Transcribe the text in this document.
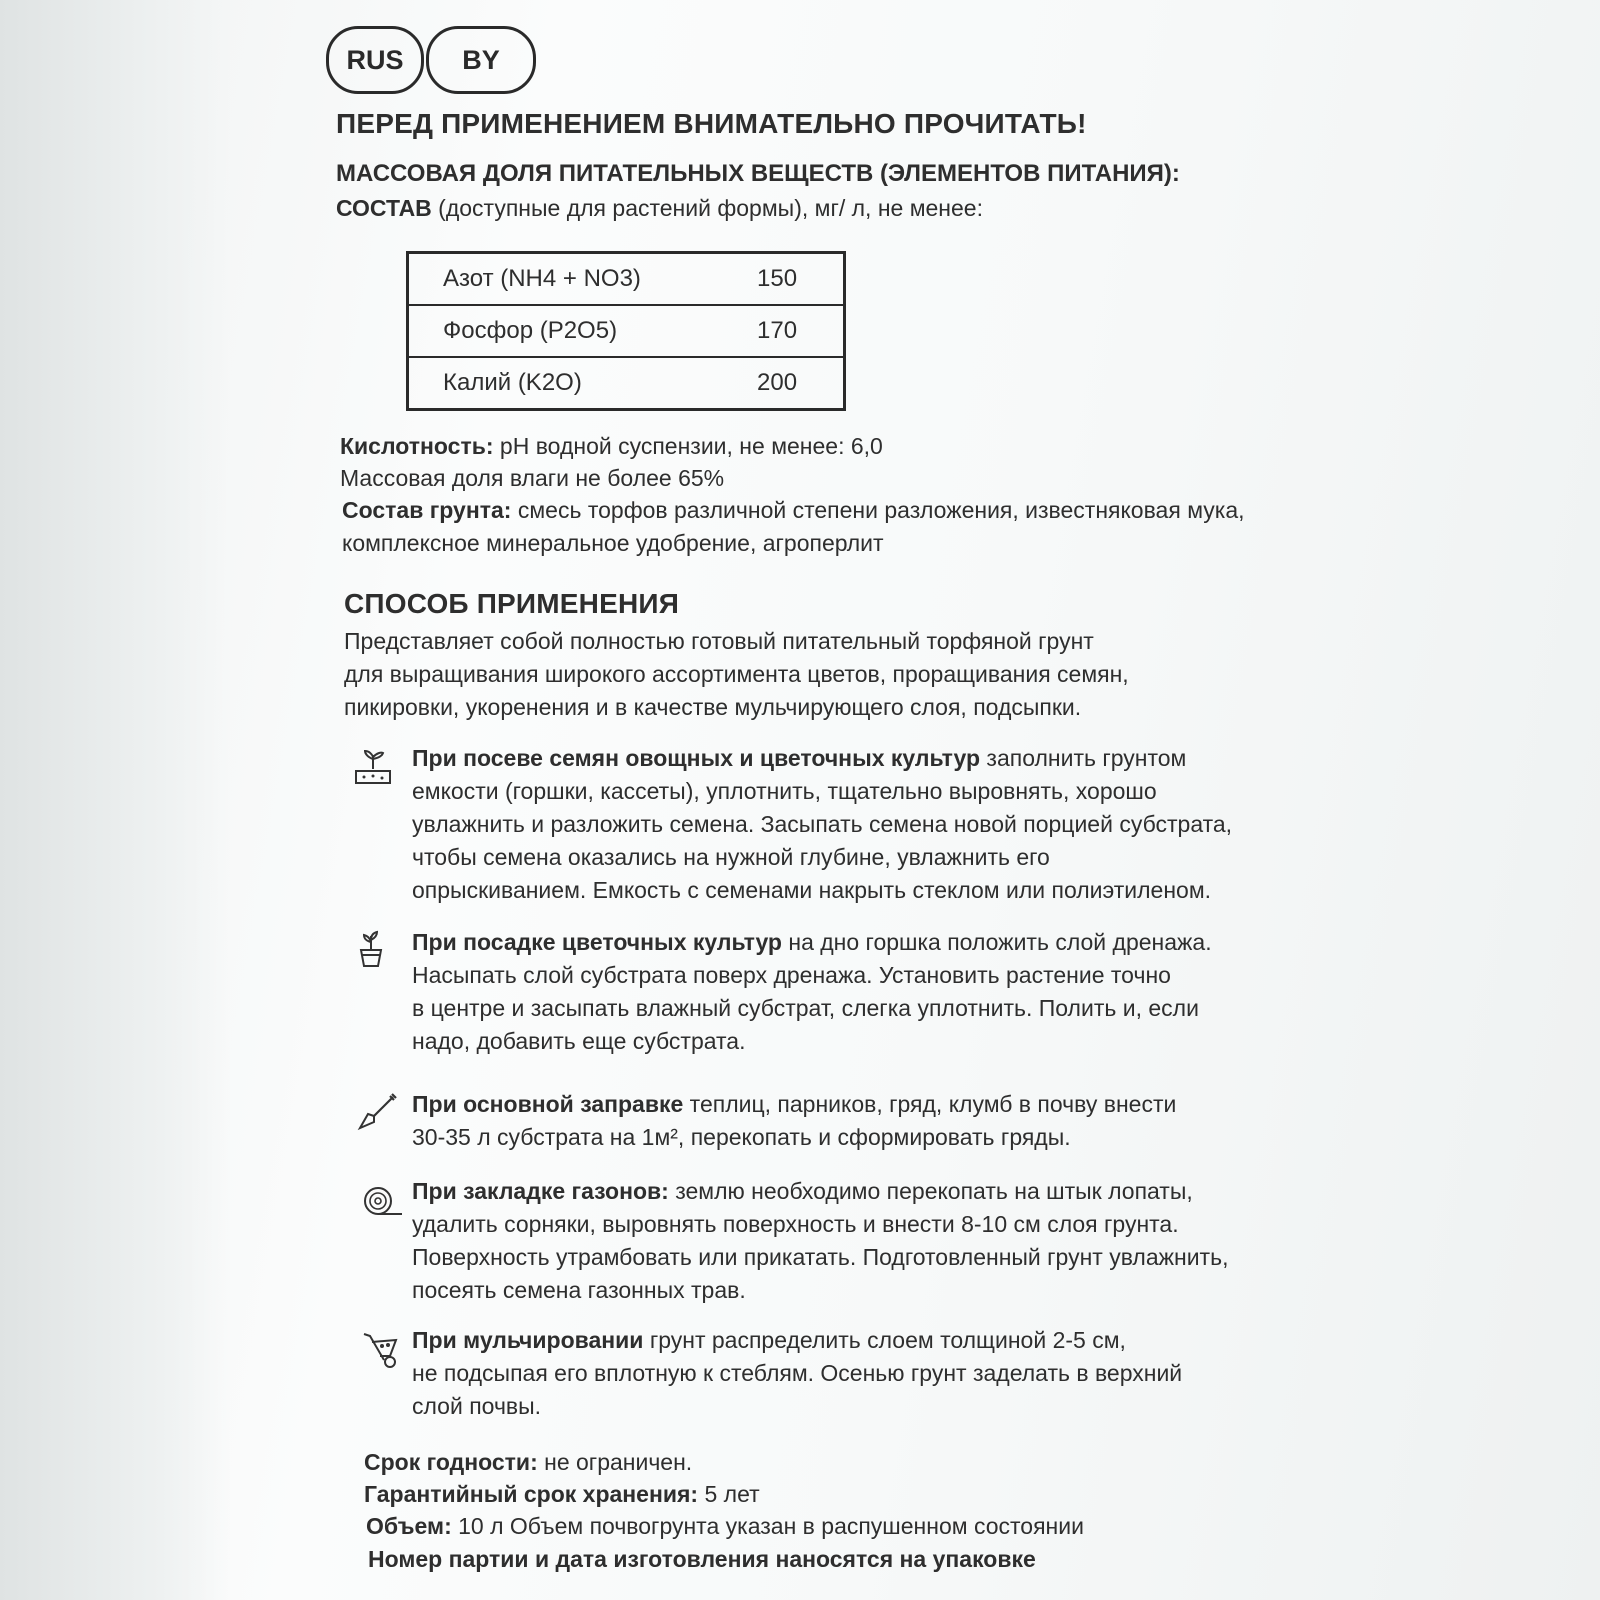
RUS	BY
ПЕРЕД ПРИМЕНЕНИЕМ ВНИМАТЕЛЬНО ПРОЧИТАТЬ!
МАССОВАЯ ДОЛЯ ПИТАТЕЛЬНЫХ ВЕЩЕСТВ (ЭЛЕМЕНТОВ ПИТАНИЯ):
СОСТАВ (доступные для растений формы), мг/ л, не менее:
Азот (NH4 + NO3)	150
Фосфор (P2O5)	170
Калий (K2O)	200
Кислотность: pH водной суспензии, не менее: 6,0
Массовая доля влаги не более 65%
Состав грунта: смесь торфов различной степени разложения, известняковая мука,
комплексное минеральное удобрение, агроперлит
СПОСОБ ПРИМЕНЕНИЯ
Представляет собой полностью готовый питательный торфяной грунт
для выращивания широкого ассортимента цветов, проращивания семян,
пикировки, укоренения и в качестве мульчирующего слоя, подсыпки.
При посеве семян овощных и цветочных культур заполнить грунтом
емкости (горшки, кассеты), уплотнить, тщательно выровнять, хорошо
увлажнить и разложить семена. Засыпать семена новой порцией субстрата,
чтобы семена оказались на нужной глубине, увлажнить его
опрыскиванием. Емкость с семенами накрыть стеклом или полиэтиленом.
При посадке цветочных культур на дно горшка положить слой дренажа.
Насыпать слой субстрата поверх дренажа. Установить растение точно
в центре и засыпать влажный субстрат, слегка уплотнить. Полить и, если
надо, добавить еще субстрата.
При основной заправке теплиц, парников, гряд, клумб в почву внести
30-35 л субстрата на 1м², перекопать и сформировать гряды.
При закладке газонов: землю необходимо перекопать на штык лопаты,
удалить сорняки, выровнять поверхность и внести 8-10 см слоя грунта.
Поверхность утрамбовать или прикатать. Подготовленный грунт увлажнить,
посеять семена газонных трав.
При мульчировании грунт распределить слоем толщиной 2-5 см,
не подсыпая его вплотную к стеблям. Осенью грунт заделать в верхний
слой почвы.
Срок годности: не ограничен.
Гарантийный срок хранения: 5 лет
Объем: 10 л Объем почвогрунта указан в распушенном состоянии
Номер партии и дата изготовления наносятся на упаковке
